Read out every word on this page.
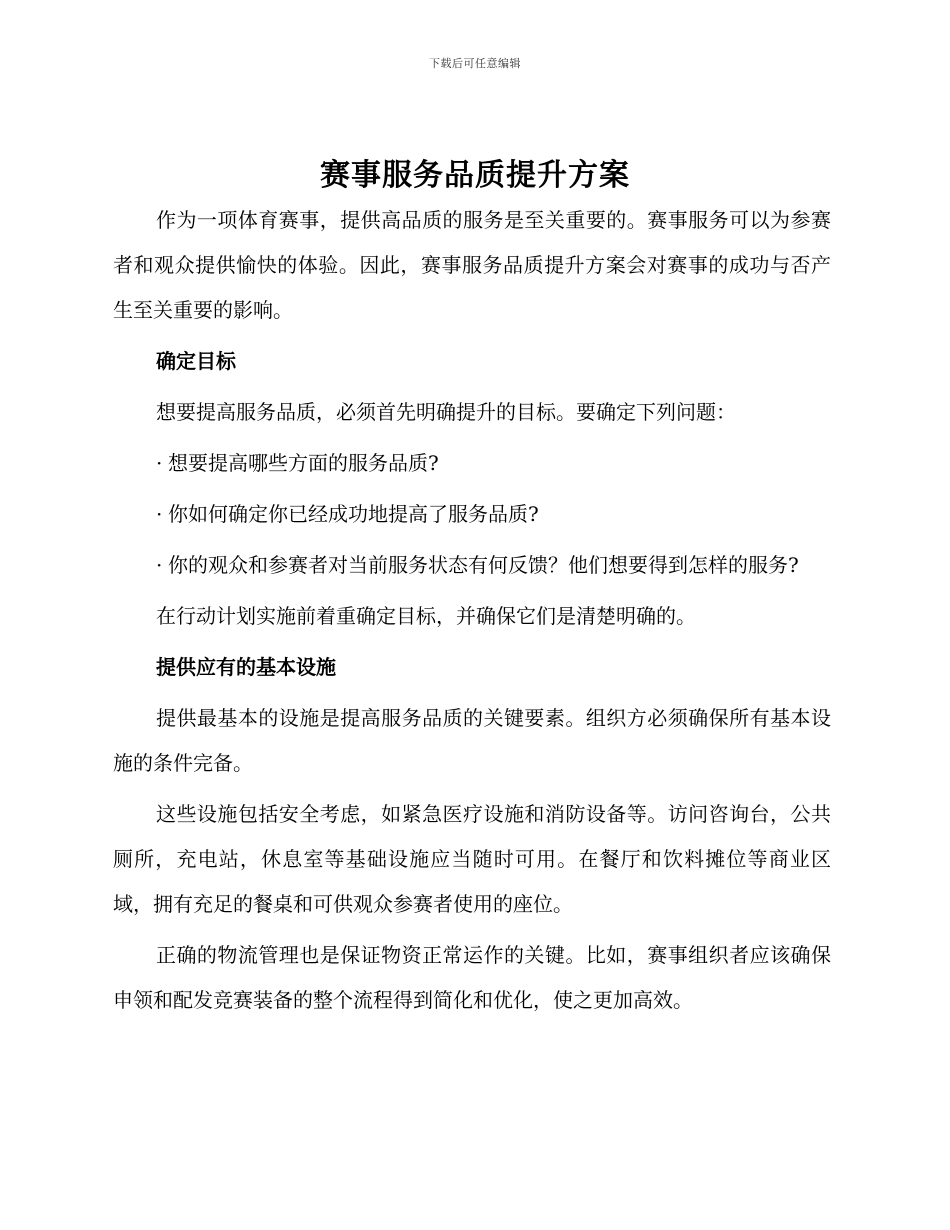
下载后可任意编辑
赛事服务品质提升方案

作为一项体育赛事，提供高品质的服务是至关重要的。赛事服务可以为参赛者和观众提供愉快的体验。因此，赛事服务品质提升方案会对赛事的成功与否产生至关重要的影响。

确定目标

想要提高服务品质，必须首先明确提升的目标。要确定下列问题：

· 想要提高哪些方面的服务品质?

· 你如何确定你已经成功地提高了服务品质?

· 你的观众和参赛者对当前服务状态有何反馈？他们想要得到怎样的服务?

在行动计划实施前着重确定目标，并确保它们是清楚明确的。

提供应有的基本设施

提供最基本的设施是提高服务品质的关键要素。组织方必须确保所有基本设施的条件完备。

这些设施包括安全考虑，如紧急医疗设施和消防设备等。访问咨询台，公共厕所，充电站，休息室等基础设施应当随时可用。在餐厅和饮料摊位等商业区域，拥有充足的餐桌和可供观众参赛者使用的座位。

正确的物流管理也是保证物资正常运作的关键。比如，赛事组织者应该确保申领和配发竞赛装备的整个流程得到简化和优化，使之更加高效。
